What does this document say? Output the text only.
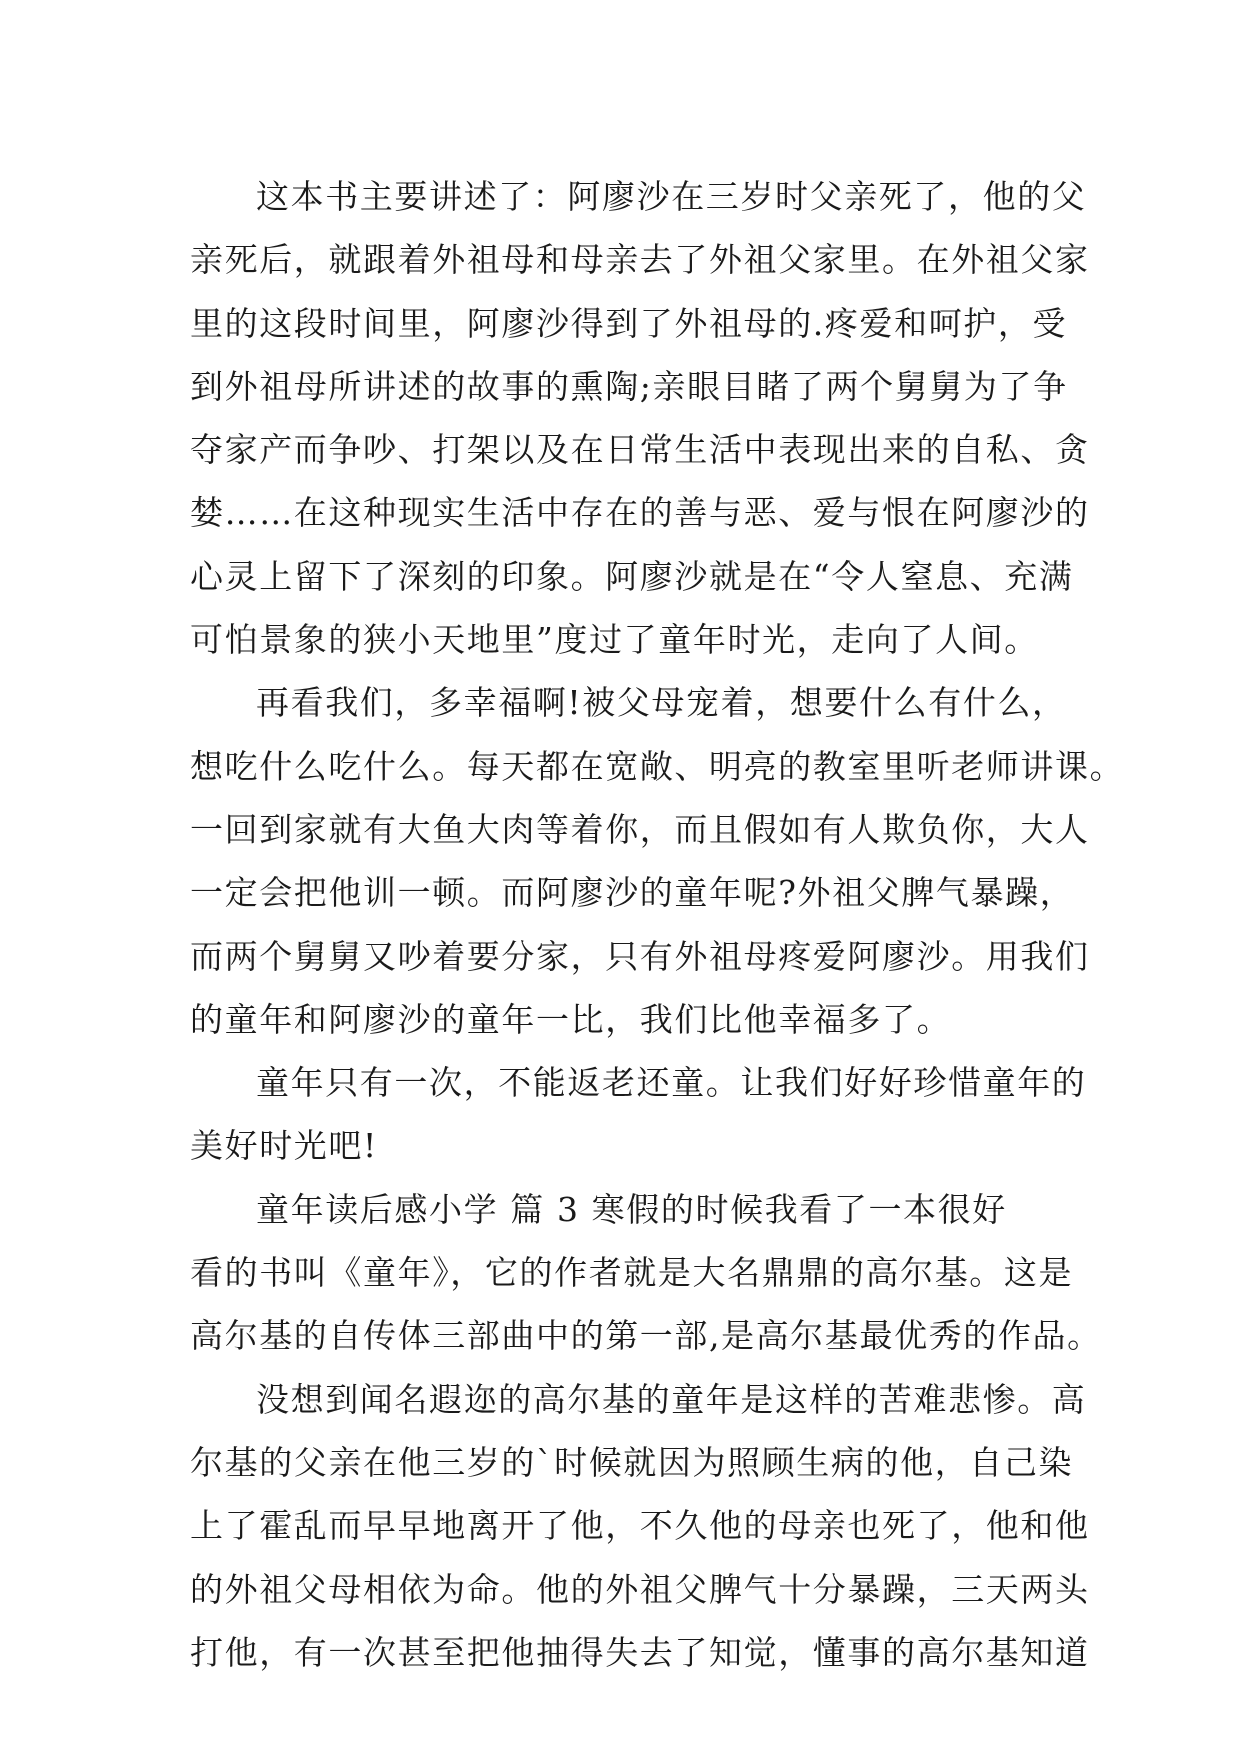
这本书主要讲述了：阿廖沙在三岁时父亲死了，他的父
亲死后，就跟着外祖母和母亲去了外祖父家里。在外祖父家
里的这段时间里，阿廖沙得到了外祖母的.疼爱和呵护，受
到外祖母所讲述的故事的熏陶;亲眼目睹了两个舅舅为了争
夺家产而争吵、打架以及在日常生活中表现出来的自私、贪
婪……在这种现实生活中存在的善与恶、爱与恨在阿廖沙的
心灵上留下了深刻的印象。阿廖沙就是在“令人窒息、充满
可怕景象的狭小天地里”度过了童年时光，走向了人间。
再看我们，多幸福啊!被父母宠着，想要什么有什么，
想吃什么吃什么。每天都在宽敞、明亮的教室里听老师讲课。
一回到家就有大鱼大肉等着你，而且假如有人欺负你，大人
一定会把他训一顿。而阿廖沙的童年呢?外祖父脾气暴躁，
而两个舅舅又吵着要分家，只有外祖母疼爱阿廖沙。用我们
的童年和阿廖沙的童年一比，我们比他幸福多了。
童年只有一次，不能返老还童。让我们好好珍惜童年的
美好时光吧!
童年读后感小学 篇 3 寒假的时候我看了一本很好
看的书叫《童年》，它的作者就是大名鼎鼎的高尔基。这是
高尔基的自传体三部曲中的第一部,是高尔基最优秀的作品。
没想到闻名遐迩的高尔基的童年是这样的苦难悲惨。高
尔基的父亲在他三岁的`时候就因为照顾生病的他，自己染
上了霍乱而早早地离开了他，不久他的母亲也死了，他和他
的外祖父母相依为命。他的外祖父脾气十分暴躁，三天两头
打他，有一次甚至把他抽得失去了知觉，懂事的高尔基知道
